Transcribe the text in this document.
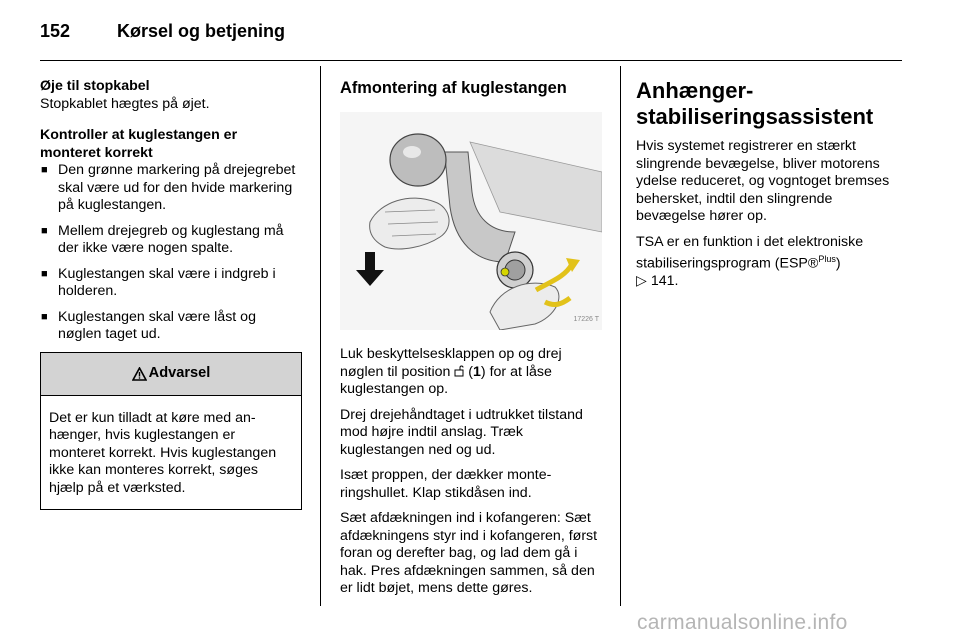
152	Kørsel og betjening

Øje til stopkabel

Stopkablet hægtes på øjet.

Kontroller at kuglestangen er
monteret korrekt

■ Den grønne markering på drejegrebet skal være ud for den hvide markering på kuglestangen.
■ Mellem drejegreb og kuglestang må der ikke være nogen spalte.
■ Kuglestangen skal være i indgreb i holderen.
■ Kuglestangen skal være låst og nøglen taget ud.
Advarsel
Det er kun tilladt at køre med anhænger, hvis kuglestangen er monteret korrekt. Hvis kuglestangen ikke kan monteres korrekt, søges hjælp på et værksted.
Afmontering af kuglestangen
17226 T

Luk beskyttelsesklappen op og drej nøglen til position  (1) for at låse kuglestangen op.

Drej drejehåndtaget i udtrukket tilstand mod højre indtil anslag. Træk kuglestangen ned og ud.

Isæt proppen, der dækker monteringshullet. Klap stikdåsen ind.

Sæt afdækningen ind i kofangeren: Sæt afdækningens styr ind i kofangeren, først foran og derefter bag, og lad dem gå i hak. Pres afdækningen sammen, så den er lidt bøjet, mens dette gøres.

Anhænger-
stabiliseringsassistent

Hvis systemet registrerer en stærkt slingrende bevægelse, bliver motorens ydelse reduceret, og vogntoget bremses behersket, indtil den slingrende bevægelse hører op.

TSA er en funktion i det elektroniske stabiliseringsprogram (ESP®$^{Plus}$)
▷ 141.

carmanualsonline.info
